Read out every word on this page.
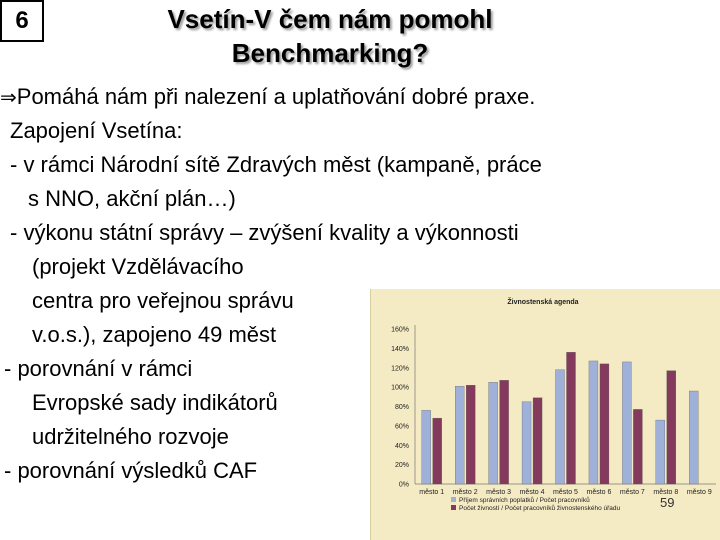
6	Vsetín-V čem nám pomohl
Benchmarking?
⇒Pomáhá nám při nalezení a uplatňování dobré praxe.
Zapojení Vsetína:
- v rámci Národní sítě Zdravých měst (kampaně, práce
s NNO, akční plán…)
- výkonu státní správy – zvýšení kvality a výkonnosti
(projekt Vzdělávacího
centra pro veřejnou správu
v.o.s.), zapojeno 49 měst
- porovnání v rámci
Evropské sady indikátorů
udržitelného rozvoje
- porovnání výsledků CAF
Živnostenská agenda
0%
20%
40%
60%
80%
100%
120%
140%
160%
město 1 město 2 město 3 město 4 město 5 město 6 město 7 město 8 město 9
Příjem správních poplatků / Počet pracovníků
Počet živností / Počet pracovníků živnostenského úřadu	59
